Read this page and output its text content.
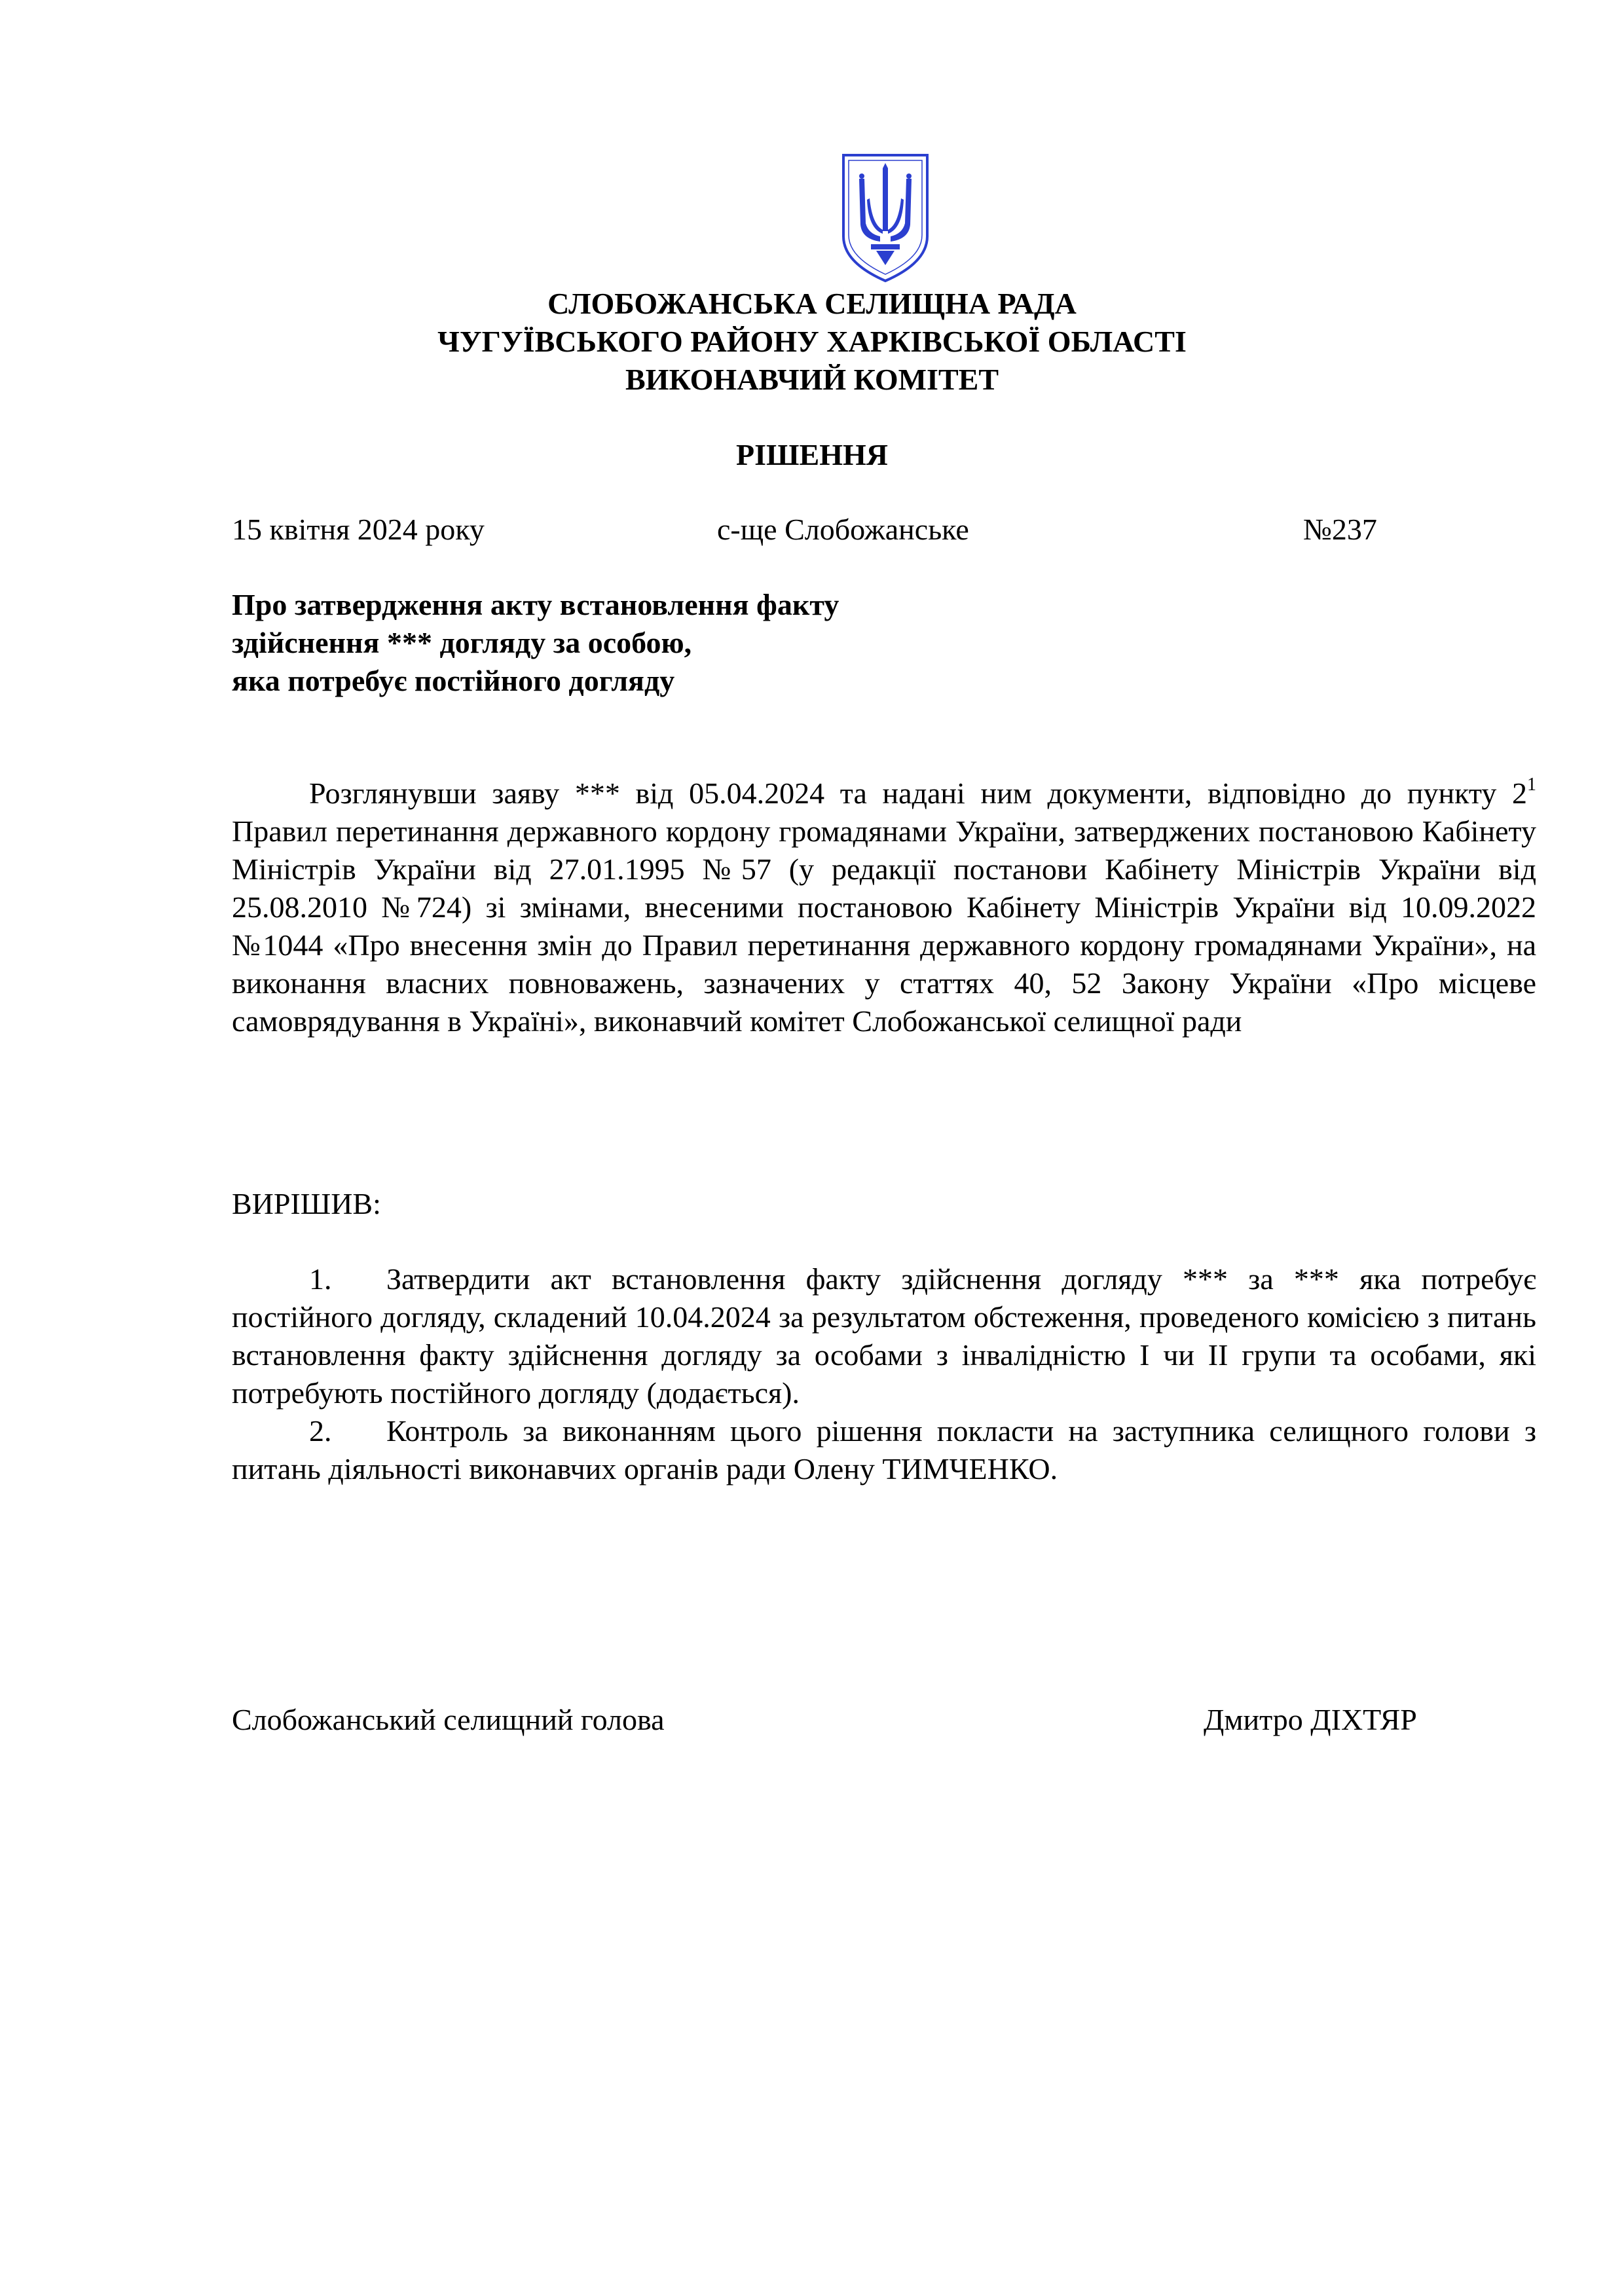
СЛОБОЖАНСЬКА СЕЛИЩНА РАДА
ЧУГУЇВСЬКОГО РАЙОНУ ХАРКІВСЬКОЇ ОБЛАСТІ
ВИКОНАВЧИЙ КОМІТЕТ
РІШЕННЯ
15 квітня 2024 року	с-ще Слобожанське	№237
Про затвердження акту встановлення факту
здійснення *** догляду за особою,
яка потребує постійного догляду

Розглянувши заяву *** від 05.04.2024 та надані ним документи, відповідно до пункту $2^1$ Правил перетинання державного кордону громадянами України, затверджених постановою Кабінету Міністрів України від 27.01.1995 №57 (у редакції постанови Кабінету Міністрів України від 25.08.2010 №724) зі змінами, внесеними постановою Кабінету Міністрів України від 10.09.2022 №1044 «Про внесення змін до Правил перетинання державного кордону громадянами України», на виконання власних повноважень, зазначених у статтях 40, 52 Закону України «Про місцеве самоврядування в Україні», виконавчий комітет Слобожанської селищної ради

ВИРІШИВ:

1. Затвердити акт встановлення факту здійснення догляду *** за *** яка потребує постійного догляду, складений 10.04.2024 за результатом обстеження, проведеного комісією з питань встановлення факту здійснення догляду за особами з інвалідністю I чи II групи та особами, які потребують постійного догляду (додається).

2. Контроль за виконанням цього рішення покласти на заступника селищного голови з питань діяльності виконавчих органів ради Олену ТИМЧЕНКО.

Слобожанський селищний голова	Дмитро ДІХТЯР
